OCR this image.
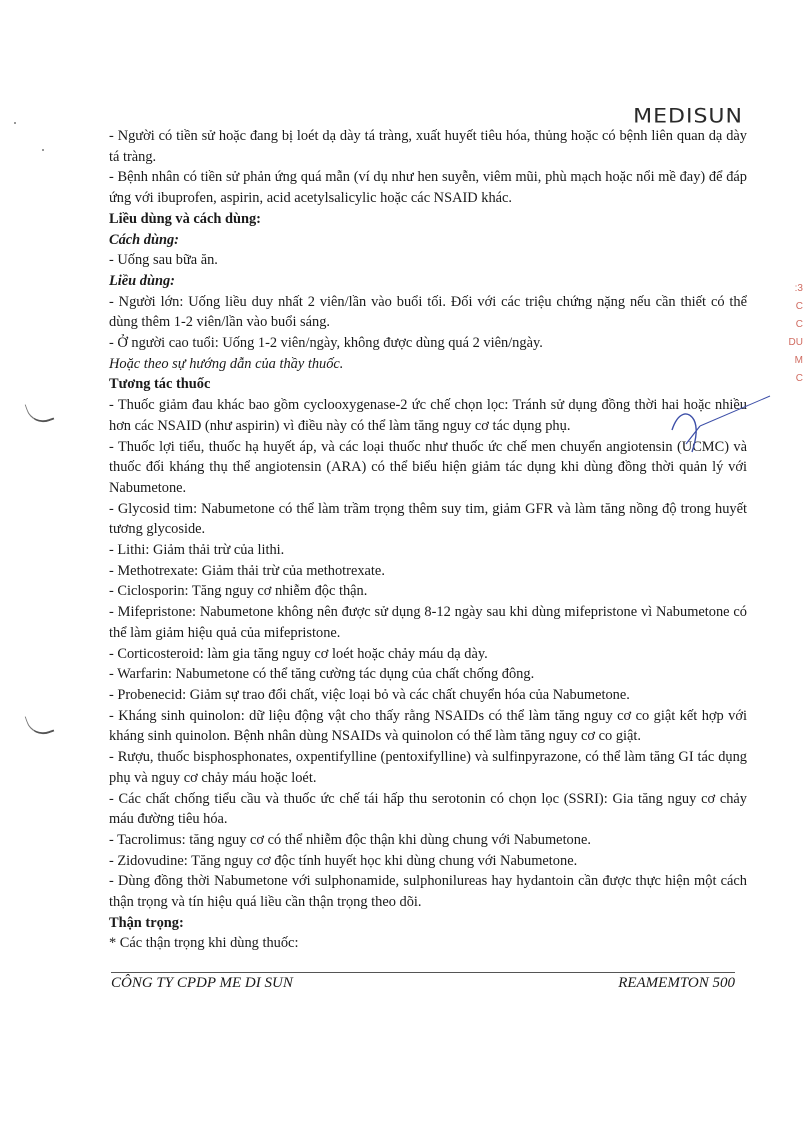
MEDISUN

- Người có tiền sử hoặc đang bị loét dạ dày tá tràng, xuất huyết tiêu hóa, thủng hoặc có bệnh liên quan dạ dày tá tràng.

- Bệnh nhân có tiền sử phản ứng quá mẫn (ví dụ như hen suyễn, viêm mũi, phù mạch hoặc nổi mề đay) để đáp ứng với ibuprofen, aspirin, acid acetylsalicylic hoặc các NSAID khác.

Liều dùng và cách dùng:

Cách dùng:

- Uống sau bữa ăn.

Liều dùng:

- Người lớn: Uống liều duy nhất 2 viên/lần vào buổi tối. Đối với các triệu chứng nặng nếu cần thiết có thể dùng thêm 1-2 viên/lần vào buổi sáng.

- Ở người cao tuổi: Uống 1-2 viên/ngày, không được dùng quá 2 viên/ngày.

Hoặc theo sự hướng dẫn của thầy thuốc.

Tương tác thuốc

- Thuốc giảm đau khác bao gồm cyclooxygenase-2 ức chế chọn lọc: Tránh sử dụng đồng thời hai hoặc nhiều hơn các NSAID (như aspirin) vì điều này có thể làm tăng nguy cơ tác dụng phụ.

- Thuốc lợi tiểu, thuốc hạ huyết áp, và các loại thuốc như thuốc ức chế men chuyển angiotensin (UCMC) và thuốc đối kháng thụ thể angiotensin (ARA) có thể biểu hiện giảm tác dụng khi dùng đồng thời quản lý với Nabumetone.

- Glycosid tim: Nabumetone có thể làm trầm trọng thêm suy tim, giảm GFR và làm tăng nồng độ trong huyết tương glycoside.

- Lithi: Giảm thải trừ của lithi.

- Methotrexate: Giảm thải trừ của methotrexate.

- Ciclosporin: Tăng nguy cơ nhiễm độc thận.

- Mifepristone: Nabumetone không nên được sử dụng 8-12 ngày sau khi dùng mifepristone vì Nabumetone có thể làm giảm hiệu quả của mifepristone.

- Corticosteroid: làm gia tăng nguy cơ loét hoặc chảy máu dạ dày.

- Warfarin: Nabumetone có thể tăng cường tác dụng của chất chống đông.

- Probenecid: Giảm sự trao đổi chất, việc loại bỏ và các chất chuyển hóa của Nabumetone.

- Kháng sinh quinolon: dữ liệu động vật cho thấy rằng NSAIDs có thể làm tăng nguy cơ co giật kết hợp với kháng sinh quinolon. Bệnh nhân dùng NSAIDs và quinolon có thể làm tăng nguy cơ co giật.

- Rượu, thuốc bisphosphonates, oxpentifylline (pentoxifylline) và sulfinpyrazone, có thể làm tăng GI tác dụng phụ và nguy cơ chảy máu hoặc loét.

- Các chất chống tiểu cầu và thuốc ức chế tái hấp thu serotonin có chọn lọc (SSRI): Gia tăng nguy cơ chảy máu đường tiêu hóa.

- Tacrolimus: tăng nguy cơ có thể nhiễm độc thận khi dùng chung với Nabumetone.

- Zidovudine: Tăng nguy cơ độc tính huyết học khi dùng chung với Nabumetone.

- Dùng đồng thời Nabumetone với sulphonamide, sulphonilureas hay hydantoin cần được thực hiện một cách thận trọng và tín hiệu quá liều cần thận trọng theo dõi.

Thận trọng:

* Các thận trọng khi dùng thuốc:

:3
C
C
DU
M
C
CÔNG TY CPDP ME DI SUN	REAMEMTON 500
